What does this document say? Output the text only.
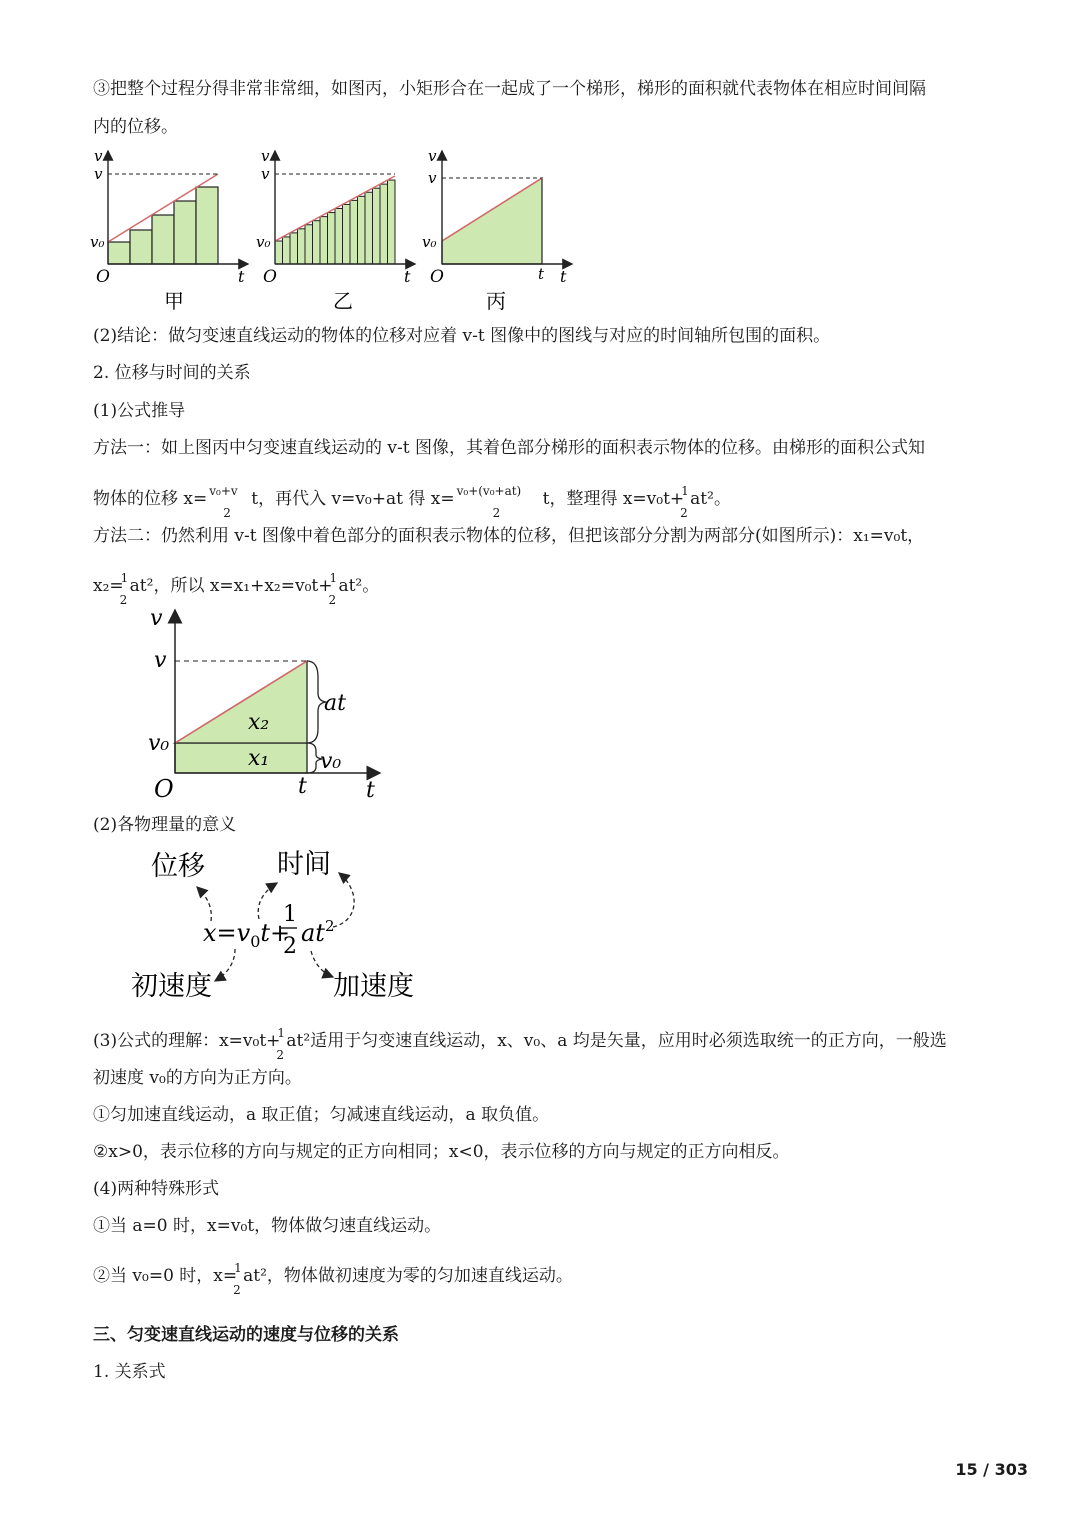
③把整个过程分得非常非常细，如图丙，小矩形合在一起成了一个梯形，梯形的面积就代表物体在相应时间间隔
内的位移。
v
v
v₀
O	t
甲
v
v
v₀
O	t
乙
v
v
v₀
O	t t
丙
(2)结论：做匀变速直线运动的物体的位移对应着 v-t 图像中的图线与对应的时间轴所包围的面积。
2. 位移与时间的关系
(1)公式推导
方法一：如上图丙中匀变速直线运动的 v-t 图像，其着色部分梯形的面积表示物体的位移。由梯形的面积公式知
物体的位移 x= v₀+v
2
t，再代入 v=v₀+at 得 x= v₀+(v₀+at)
2
t，整理得 x=v₀t+
1
2
at²。
方法二：仍然利用 v-t 图像中着色部分的面积表示物体的位移，但把该部分分割为两部分(如图所示)：x₁=v₀t，
x₂=
1
2
at²，所以 x=x₁+x₂=v₀t+
1
2
at²。
v
v
v₀
O	t	t
x₂
x₁
at
v₀
(2)各物理量的意义
位移	时间
初速度	加速度
$x=v_0t+$
1
2 $at^2$
(3)公式的理解：x=v₀t+
1
2
at²适用于匀变速直线运动，x、v₀、a 均是矢量，应用时必须选取统一的正方向，一般选
初速度 v₀的方向为正方向。
①匀加速直线运动，a 取正值；匀减速直线运动，a 取负值。
②x>0，表示位移的方向与规定的正方向相同；x<0，表示位移的方向与规定的正方向相反。
(4)两种特殊形式
①当 a=0 时，x=v₀t，物体做匀速直线运动。
②当 v₀=0 时，x=
1
2
at²，物体做初速度为零的匀加速直线运动。
三、匀变速直线运动的速度与位移的关系
1. 关系式
15 / 303
